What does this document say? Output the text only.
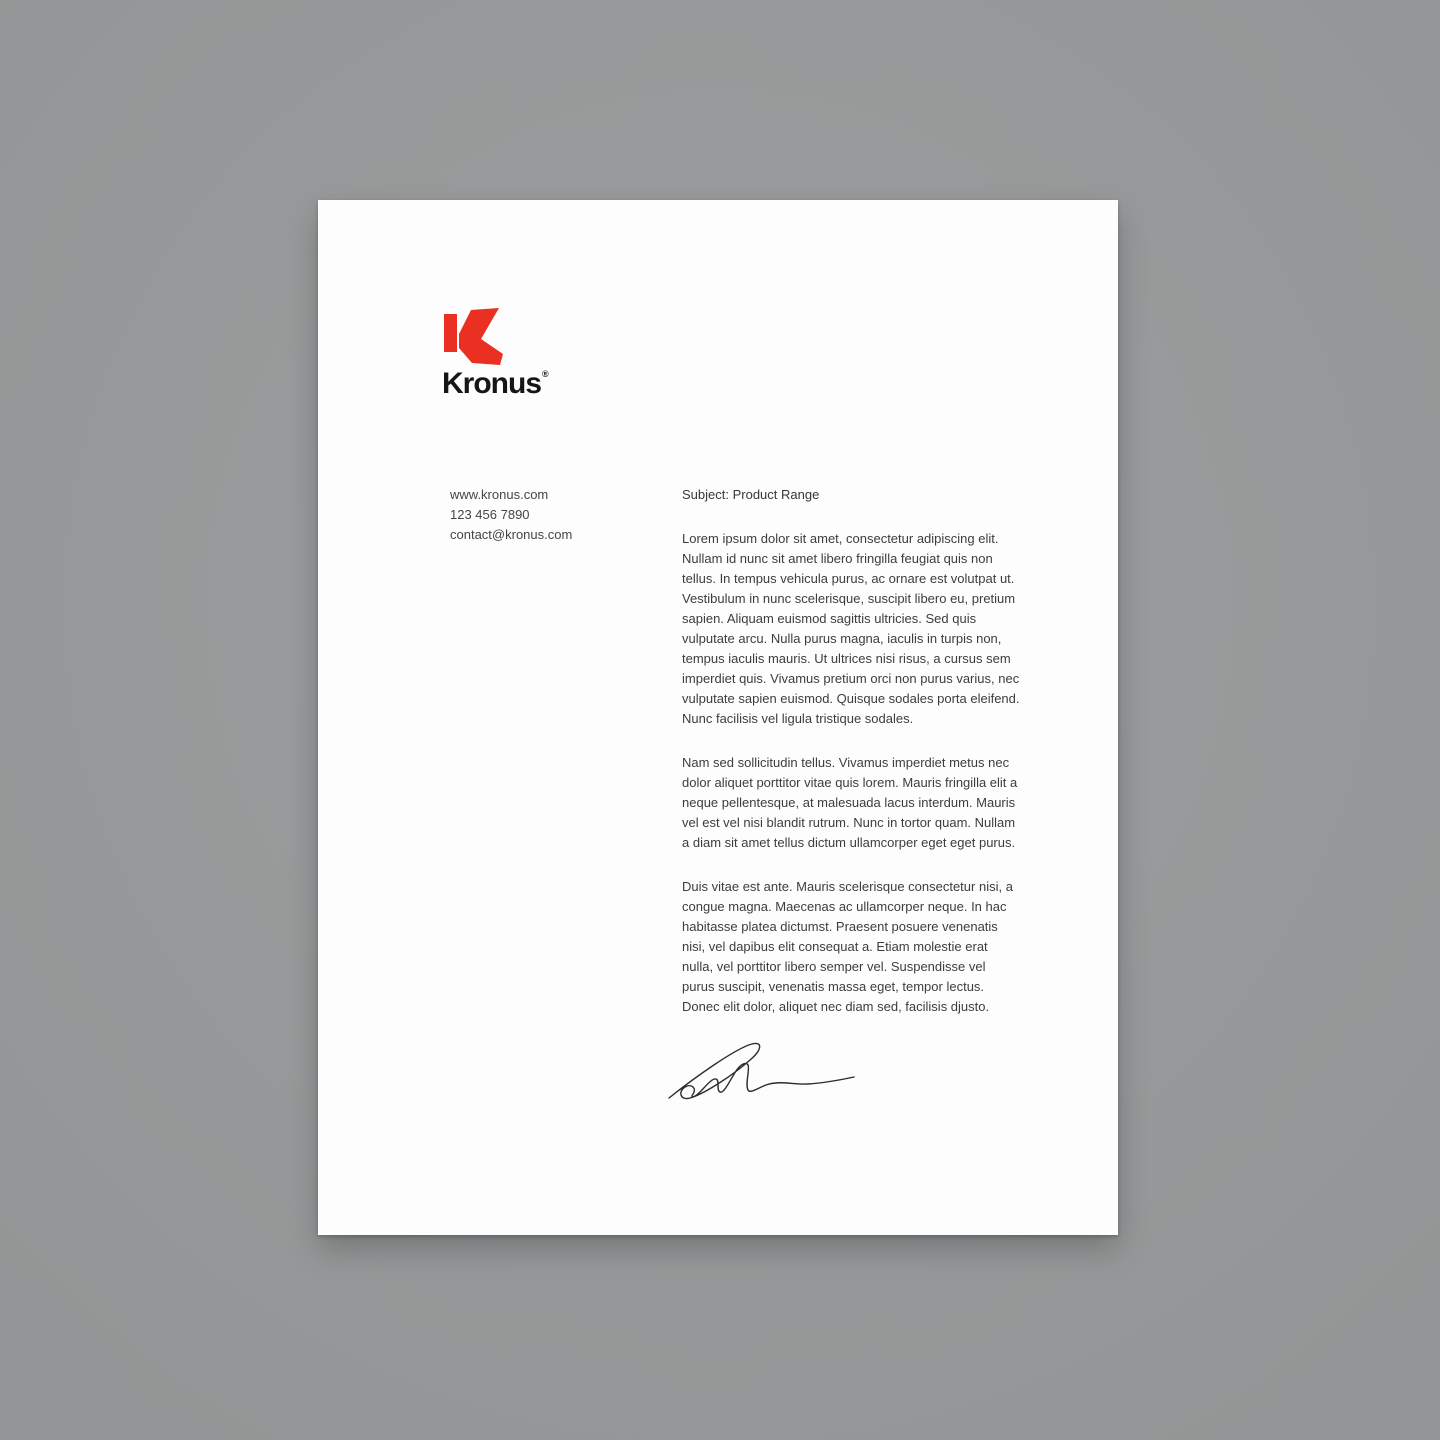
Kronus®
www.kronus.com
123 456 7890
contact@kronus.com
Subject: Product Range

Lorem ipsum dolor sit amet, consectetur adipiscing elit.
Nullam id nunc sit amet libero fringilla feugiat quis non
tellus. In tempus vehicula purus, ac ornare est volutpat ut.
Vestibulum in nunc scelerisque, suscipit libero eu, pretium
sapien. Aliquam euismod sagittis ultricies. Sed quis
vulputate arcu. Nulla purus magna, iaculis in turpis non,
tempus iaculis mauris. Ut ultrices nisi risus, a cursus sem
imperdiet quis. Vivamus pretium orci non purus varius, nec
vulputate sapien euismod. Quisque sodales porta eleifend.
Nunc facilisis vel ligula tristique sodales.

Nam sed sollicitudin tellus. Vivamus imperdiet metus nec
dolor aliquet porttitor vitae quis lorem. Mauris fringilla elit a
neque pellentesque, at malesuada lacus interdum. Mauris
vel est vel nisi blandit rutrum. Nunc in tortor quam. Nullam
a diam sit amet tellus dictum ullamcorper eget eget purus.

Duis vitae est ante. Mauris scelerisque consectetur nisi, a
congue magna. Maecenas ac ullamcorper neque. In hac
habitasse platea dictumst. Praesent posuere venenatis
nisi, vel dapibus elit consequat a. Etiam molestie erat
nulla, vel porttitor libero semper vel. Suspendisse vel
purus suscipit, venenatis massa eget, tempor lectus.
Donec elit dolor, aliquet nec diam sed, facilisis djusto.
